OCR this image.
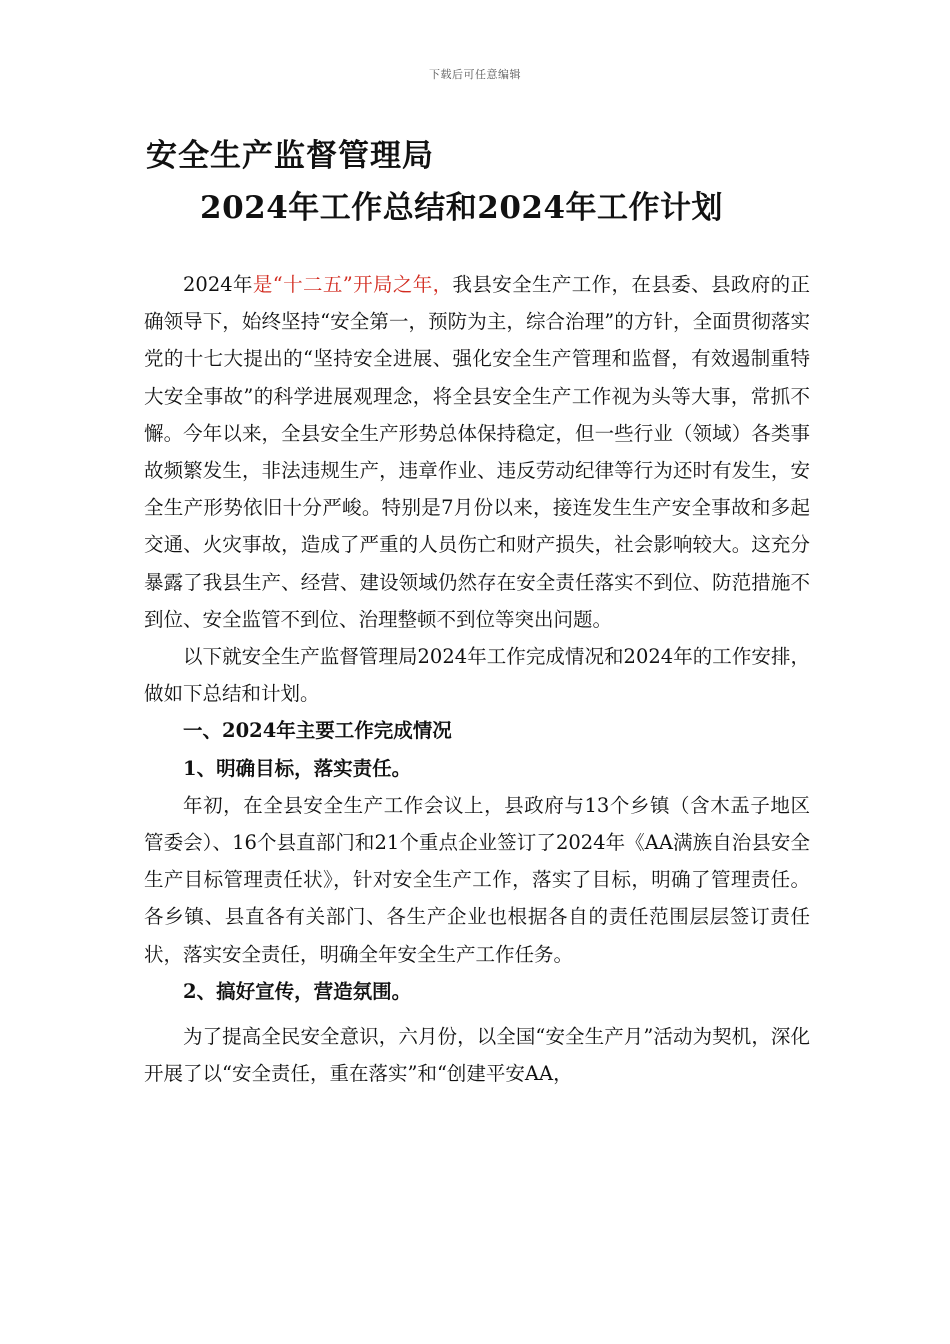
下载后可任意编辑
安全生产监督管理局
2024年工作总结和2024年工作计划

2024年是“十二五”开局之年，我县安全生产工作，在县委、县政府的正确领导下，始终坚持“安全第一，预防为主，综合治理”的方针，全面贯彻落实党的十七大提出的“坚持安全进展、强化安全生产管理和监督，有效遏制重特大安全事故”的科学进展观理念，将全县安全生产工作视为头等大事，常抓不懈。今年以来，全县安全生产形势总体保持稳定，但一些行业（领域）各类事故频繁发生，非法违规生产，违章作业、违反劳动纪律等行为还时有发生，安全生产形势依旧十分严峻。特别是7月份以来，接连发生生产安全事故和多起交通、火灾事故，造成了严重的人员伤亡和财产损失，社会影响较大。这充分暴露了我县生产、经营、建设领域仍然存在安全责任落实不到位、防范措施不到位、安全监管不到位、治理整顿不到位等突出问题。

以下就安全生产监督管理局2024年工作完成情况和2024年的工作安排，做如下总结和计划。

一、2024年主要工作完成情况

1、明确目标，落实责任。

年初，在全县安全生产工作会议上，县政府与13个乡镇（含木盂子地区管委会）、16个县直部门和21个重点企业签订了2024年《AA满族自治县安全生产目标管理责任状》，针对安全生产工作，落实了目标，明确了管理责任。各乡镇、县直各有关部门、各生产企业也根据各自的责任范围层层签订责任状，落实安全责任，明确全年安全生产工作任务。

2、搞好宣传，营造氛围。

为了提高全民安全意识，六月份，以全国“安全生产月”活动为契机，深化开展了以“安全责任，重在落实”和“创建平安AA，
